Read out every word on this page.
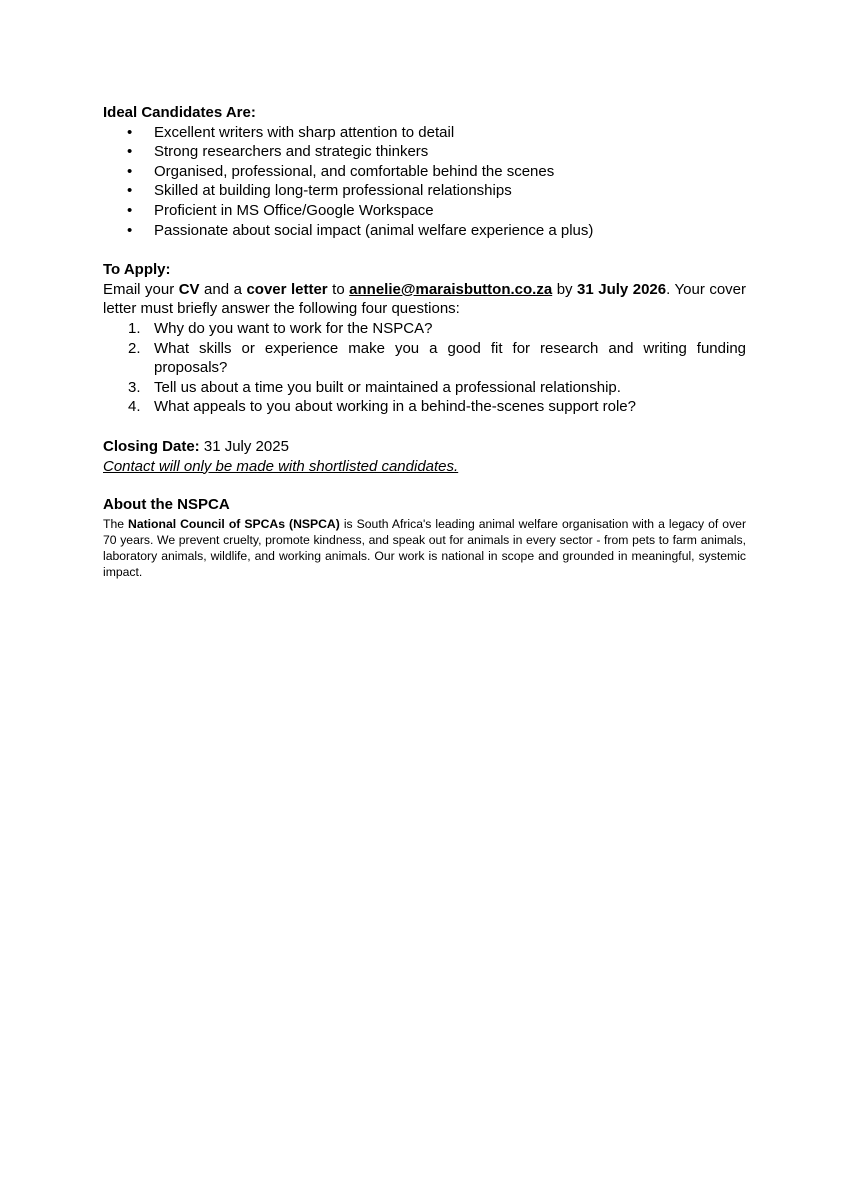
Ideal Candidates Are:

• Excellent writers with sharp attention to detail
• Strong researchers and strategic thinkers
• Organised, professional, and comfortable behind the scenes
• Skilled at building long-term professional relationships
• Proficient in MS Office/Google Workspace
• Passionate about social impact (animal welfare experience a plus)

To Apply:

Email your CV and a cover letter to annelie@maraisbutton.co.za by 31 July 2026. Your cover letter must briefly answer the following four questions:

1. Why do you want to work for the NSPCA?
2. What skills or experience make you a good fit for research and writing funding proposals?
3. Tell us about a time you built or maintained a professional relationship.
4. What appeals to you about working in a behind-the-scenes support role?

Closing Date: 31 July 2025

Contact will only be made with shortlisted candidates.

About the NSPCA

The National Council of SPCAs (NSPCA) is South Africa's leading animal welfare organisation with a legacy of over 70 years. We prevent cruelty, promote kindness, and speak out for animals in every sector - from pets to farm animals, laboratory animals, wildlife, and working animals. Our work is national in scope and grounded in meaningful, systemic impact.
